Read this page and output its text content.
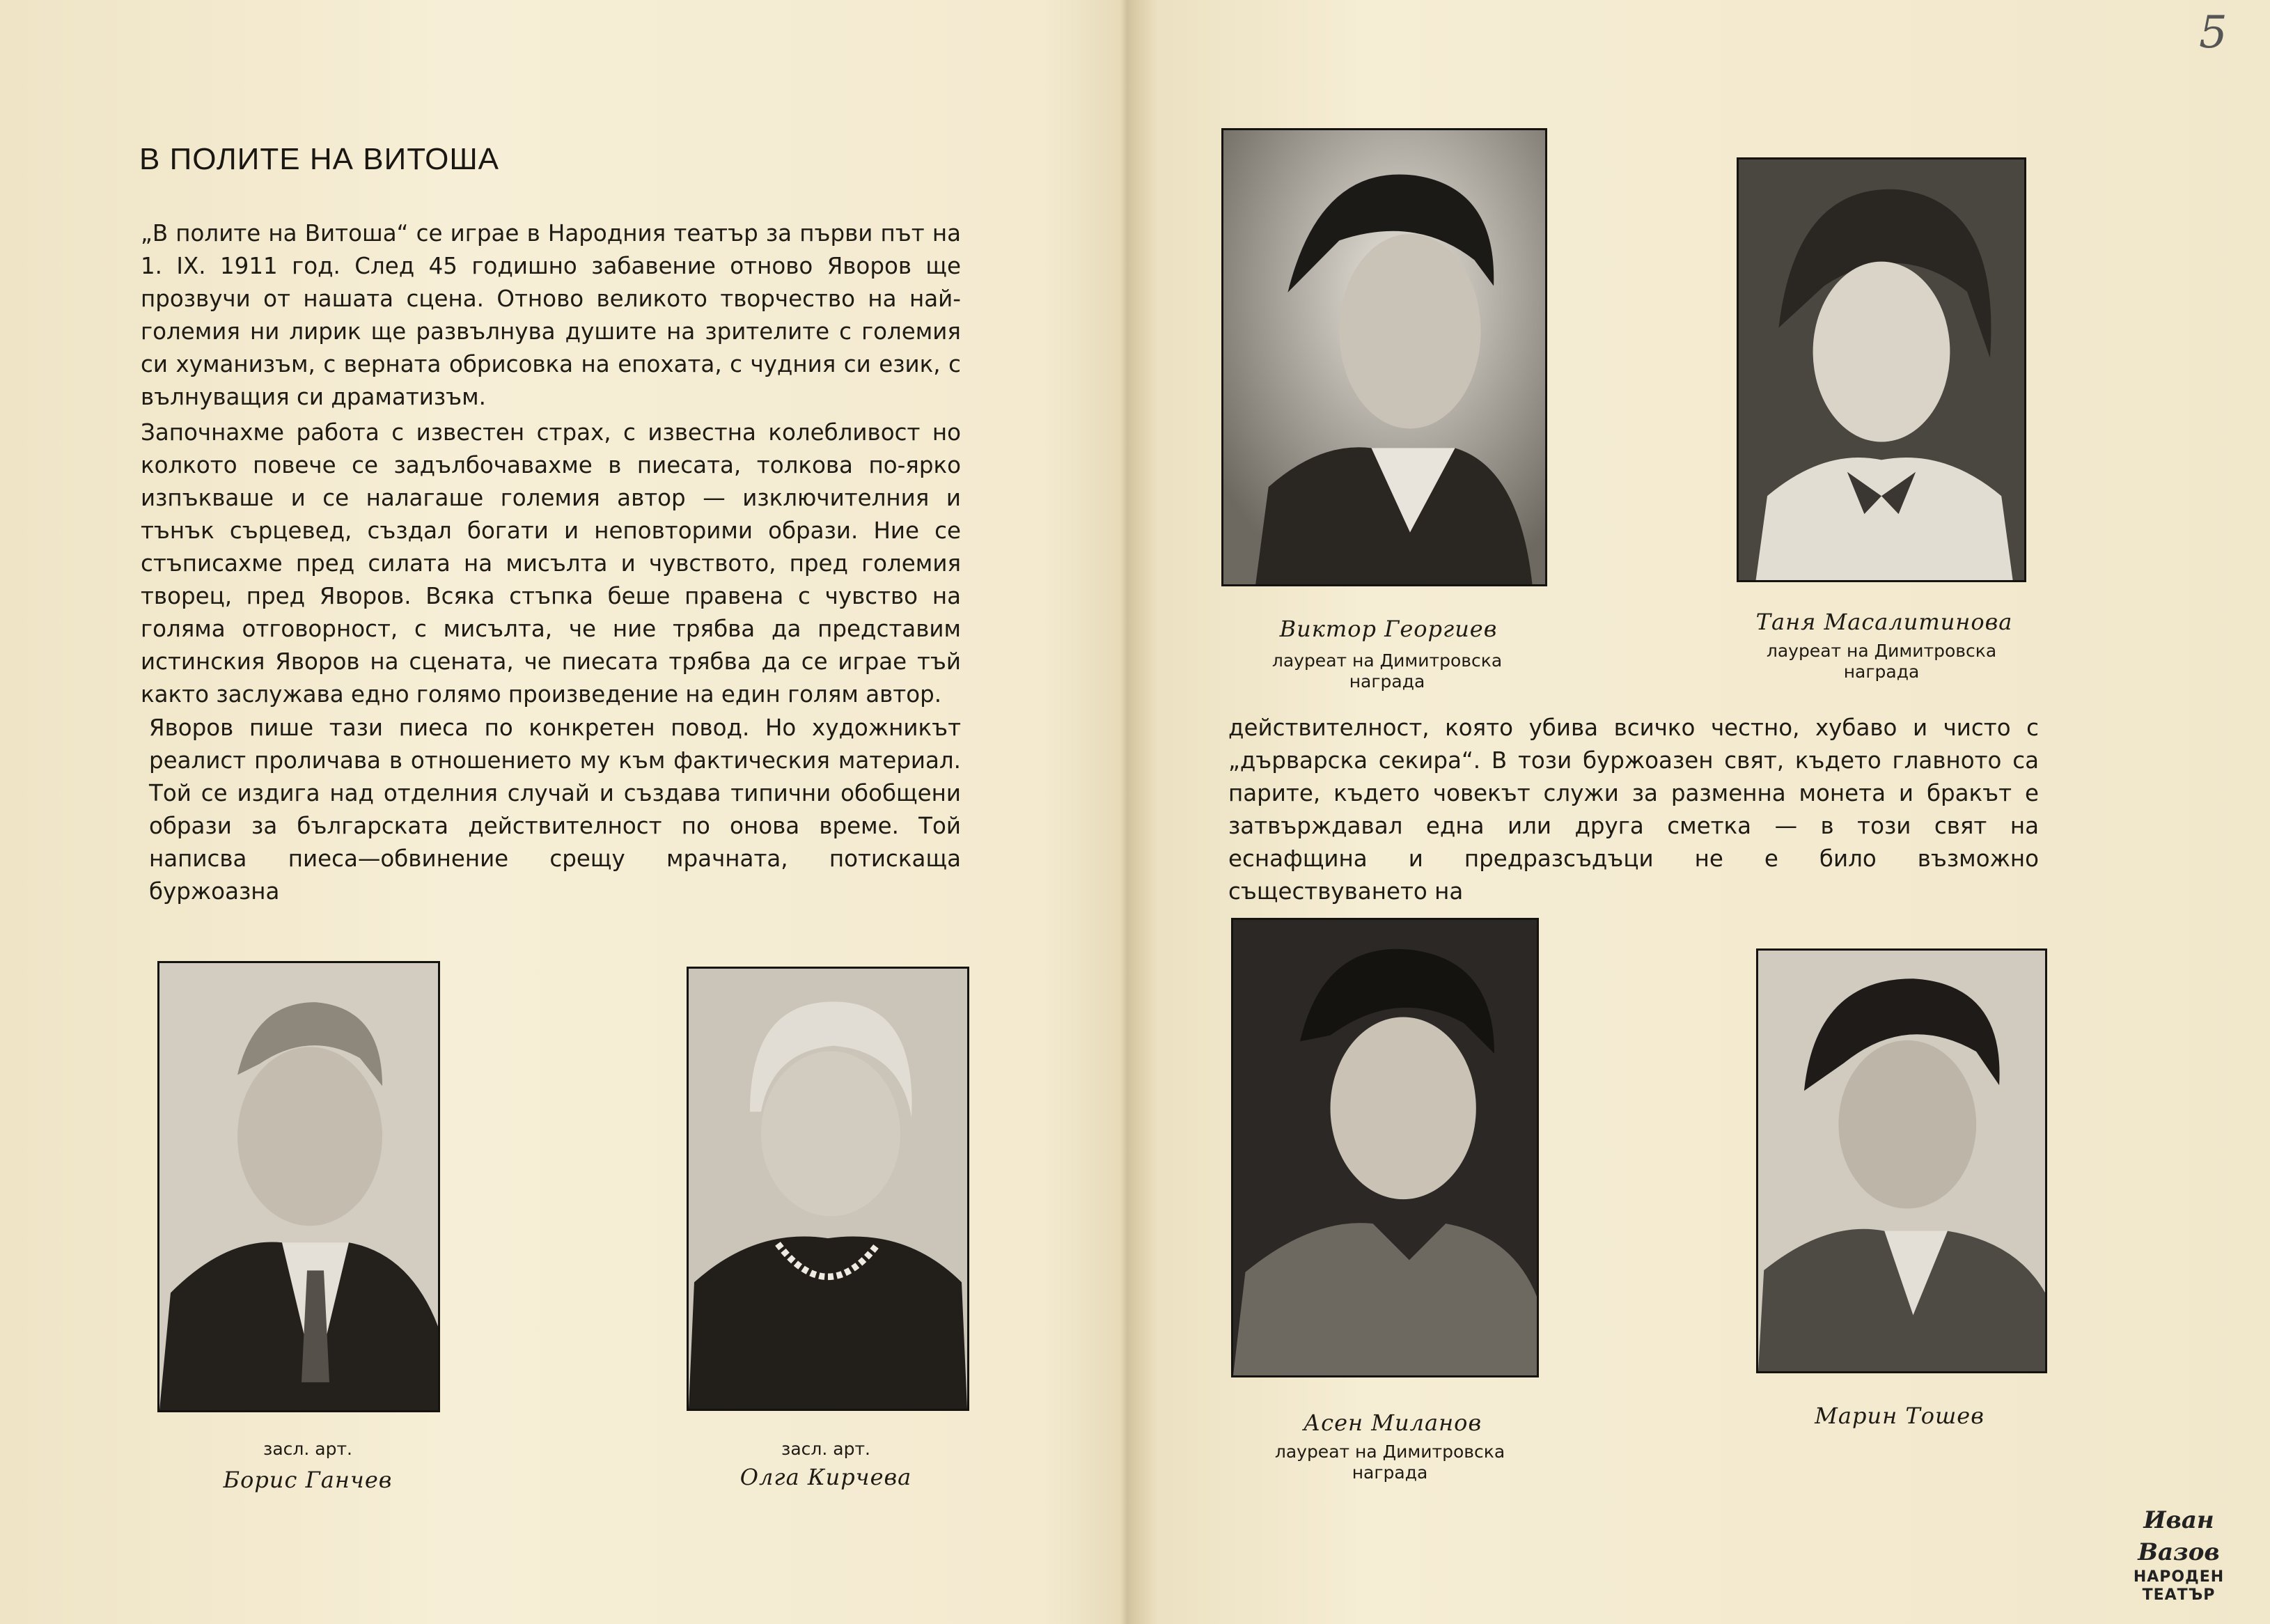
5
В ПОЛИТЕ НА ВИТОША

„В полите на Витоша“ се играе в Народния театър за първи път на 1. IX. 1911 год. След 45 годишно забавение отново Яворов ще прозвучи от нашата сцена. Отново великото творчество на най-големия ни лирик ще развълнува душите на зрителите с големия си хуманизъм, с верната обрисовка на епохата, с чудния си език, с вълнуващия си драматизъм.

Започнахме работа с известен страх, с известна колебливост но колкото повече се задълбочавахме в пиесата, толкова по-ярко изпъкваше и се налагаше големия автор — изключителния и тънък сърцевед, създал богати и неповторими образи. Ние се стъписахме пред силата на мисълта и чувството, пред големия творец, пред Яворов. Всяка стъпка беше правена с чувство на голяма отговорност, с мисълта, че ние трябва да представим истинския Яворов на сцената, че пиесата трябва да се играе тъй както заслужава едно голямо произведение на един голям автор.

Яворов пише тази пиеса по конкретен повод. Но художникът реалист проличава в отношението му към фактическия материал. Той се издига над отделния случай и създава типични обобщени образи за българската действителност по онова време. Той написва пиеса—обвинение срещу мрачната, потискаща буржоазна

действителност, която убива всичко честно, хубаво и чисто с „дърварска секира“. В този буржоазен свят, където главното са парите, където човекът служи за разменна монета и бракът е затвърждавал една или друга сметка — в този свят на еснафщина и предразсъдъци не е било възможно съществуването на

Виктор Георгиев
лауреат на Димитровска награда
Таня Масалитинова
лауреат на Димитровска награда
засл. арт.
Борис Ганчев
засл. арт.
Олга Кирчева
Асен Миланов
лауреат на Димитровска награда
Марин Тошев
Иван Вазов
НАРОДЕН
ТЕАТЪР
